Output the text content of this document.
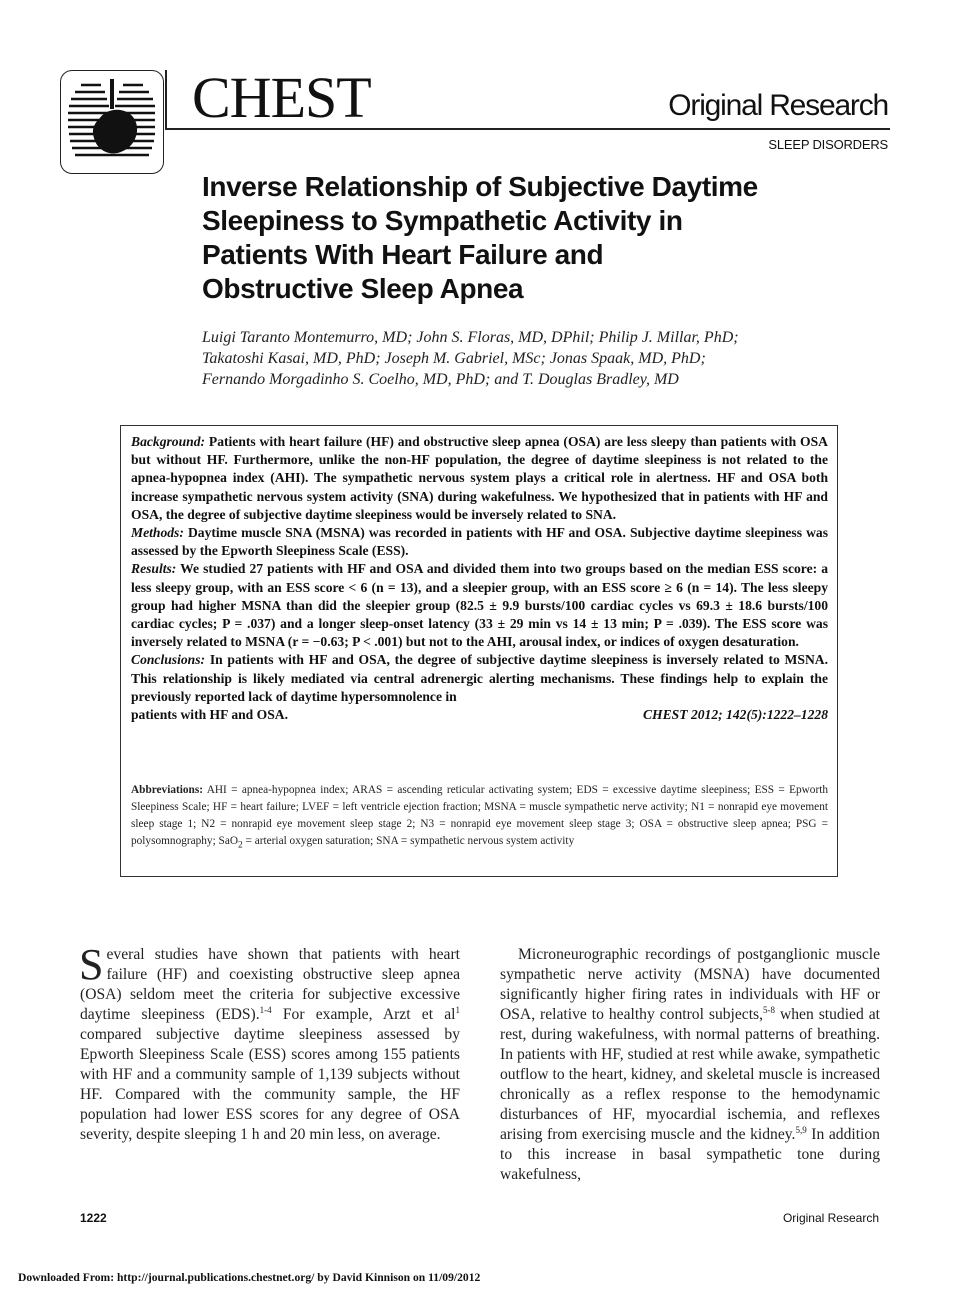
CHEST	Original Research
SLEEP DISORDERS
Inverse Relationship of Subjective Daytime
Sleepiness to Sympathetic Activity in
Patients With Heart Failure and
Obstructive Sleep Apnea
Luigi Taranto Montemurro, MD; John S. Floras, MD, DPhil; Philip J. Millar, PhD;
Takatoshi Kasai, MD, PhD; Joseph M. Gabriel, MSc; Jonas Spaak, MD, PhD;
Fernando Morgadinho S. Coelho, MD, PhD; and T. Douglas Bradley, MD

Background: Patients with heart failure (HF) and obstructive sleep apnea (OSA) are less sleepy than patients with OSA but without HF. Furthermore, unlike the non-HF population, the degree of daytime sleepiness is not related to the apnea-hypopnea index (AHI). The sympathetic nervous system plays a critical role in alertness. HF and OSA both increase sympathetic nervous system activity (SNA) during wakefulness. We hypothesized that in patients with HF and OSA, the degree of subjective daytime sleepiness would be inversely related to SNA.

Methods: Daytime muscle SNA (MSNA) was recorded in patients with HF and OSA. Subjective daytime sleepiness was assessed by the Epworth Sleepiness Scale (ESS).

Results: We studied 27 patients with HF and OSA and divided them into two groups based on the median ESS score: a less sleepy group, with an ESS score < 6 (n = 13), and a sleepier group, with an ESS score ≥ 6 (n = 14). The less sleepy group had higher MSNA than did the sleepier group (82.5 ± 9.9 bursts/100 cardiac cycles vs 69.3 ± 18.6 bursts/100 cardiac cycles; P = .037) and a longer sleep-onset latency (33 ± 29 min vs 14 ± 13 min; P = .039). The ESS score was inversely related to MSNA (r = −0.63; P < .001) but not to the AHI, arousal index, or indices of oxygen desaturation.

Conclusions: In patients with HF and OSA, the degree of subjective daytime sleepiness is inversely related to MSNA. This relationship is likely mediated via central adrenergic alerting mechanisms. These findings help to explain the previously reported lack of daytime hypersomnolence in

patients with HF and OSA.	CHEST 2012; 142(5):1222–1228
Abbreviations: AHI = apnea-hypopnea index; ARAS = ascending reticular activating system; EDS = excessive daytime sleepiness; ESS = Epworth Sleepiness Scale; HF = heart failure; LVEF = left ventricle ejection fraction; MSNA = muscle sympathetic nerve activity; N1 = nonrapid eye movement sleep stage 1; N2 = nonrapid eye movement sleep stage 2; N3 = nonrapid eye movement sleep stage 3; OSA = obstructive sleep apnea; PSG = polysomnography; SaO$_2$ = arterial oxygen saturation; SNA = sympathetic nervous system activity

Several studies have shown that patients with heart failure (HF) and coexisting obstructive sleep apnea (OSA) seldom meet the criteria for subjective excessive daytime sleepiness (EDS).$^{1-4}$ For example, Arzt et $al^1$ compared subjective daytime sleepiness assessed by Epworth Sleepiness Scale (ESS) scores among 155 patients with HF and a community sample of 1,139 subjects without HF. Compared with the community sample, the HF population had lower ESS scores for any degree of OSA severity, despite sleeping 1 h and 20 min less, on average.

Microneurographic recordings of postganglionic muscle sympathetic nerve activity (MSNA) have documented significantly higher firing rates in individuals with HF or OSA, relative to healthy control subjects,$^{5-8}$ when studied at rest, during wakefulness, with normal patterns of breathing. In patients with HF, studied at rest while awake, sympathetic outflow to the heart, kidney, and skeletal muscle is increased chronically as a reflex response to the hemodynamic disturbances of HF, myocardial ischemia, and reflexes arising from exercising muscle and the kidney.$^{5,9}$ In addition to this increase in basal sympathetic tone during wakefulness,

1222	Original Research
Downloaded From: http://journal.publications.chestnet.org/ by David Kinnison on 11/09/2012
